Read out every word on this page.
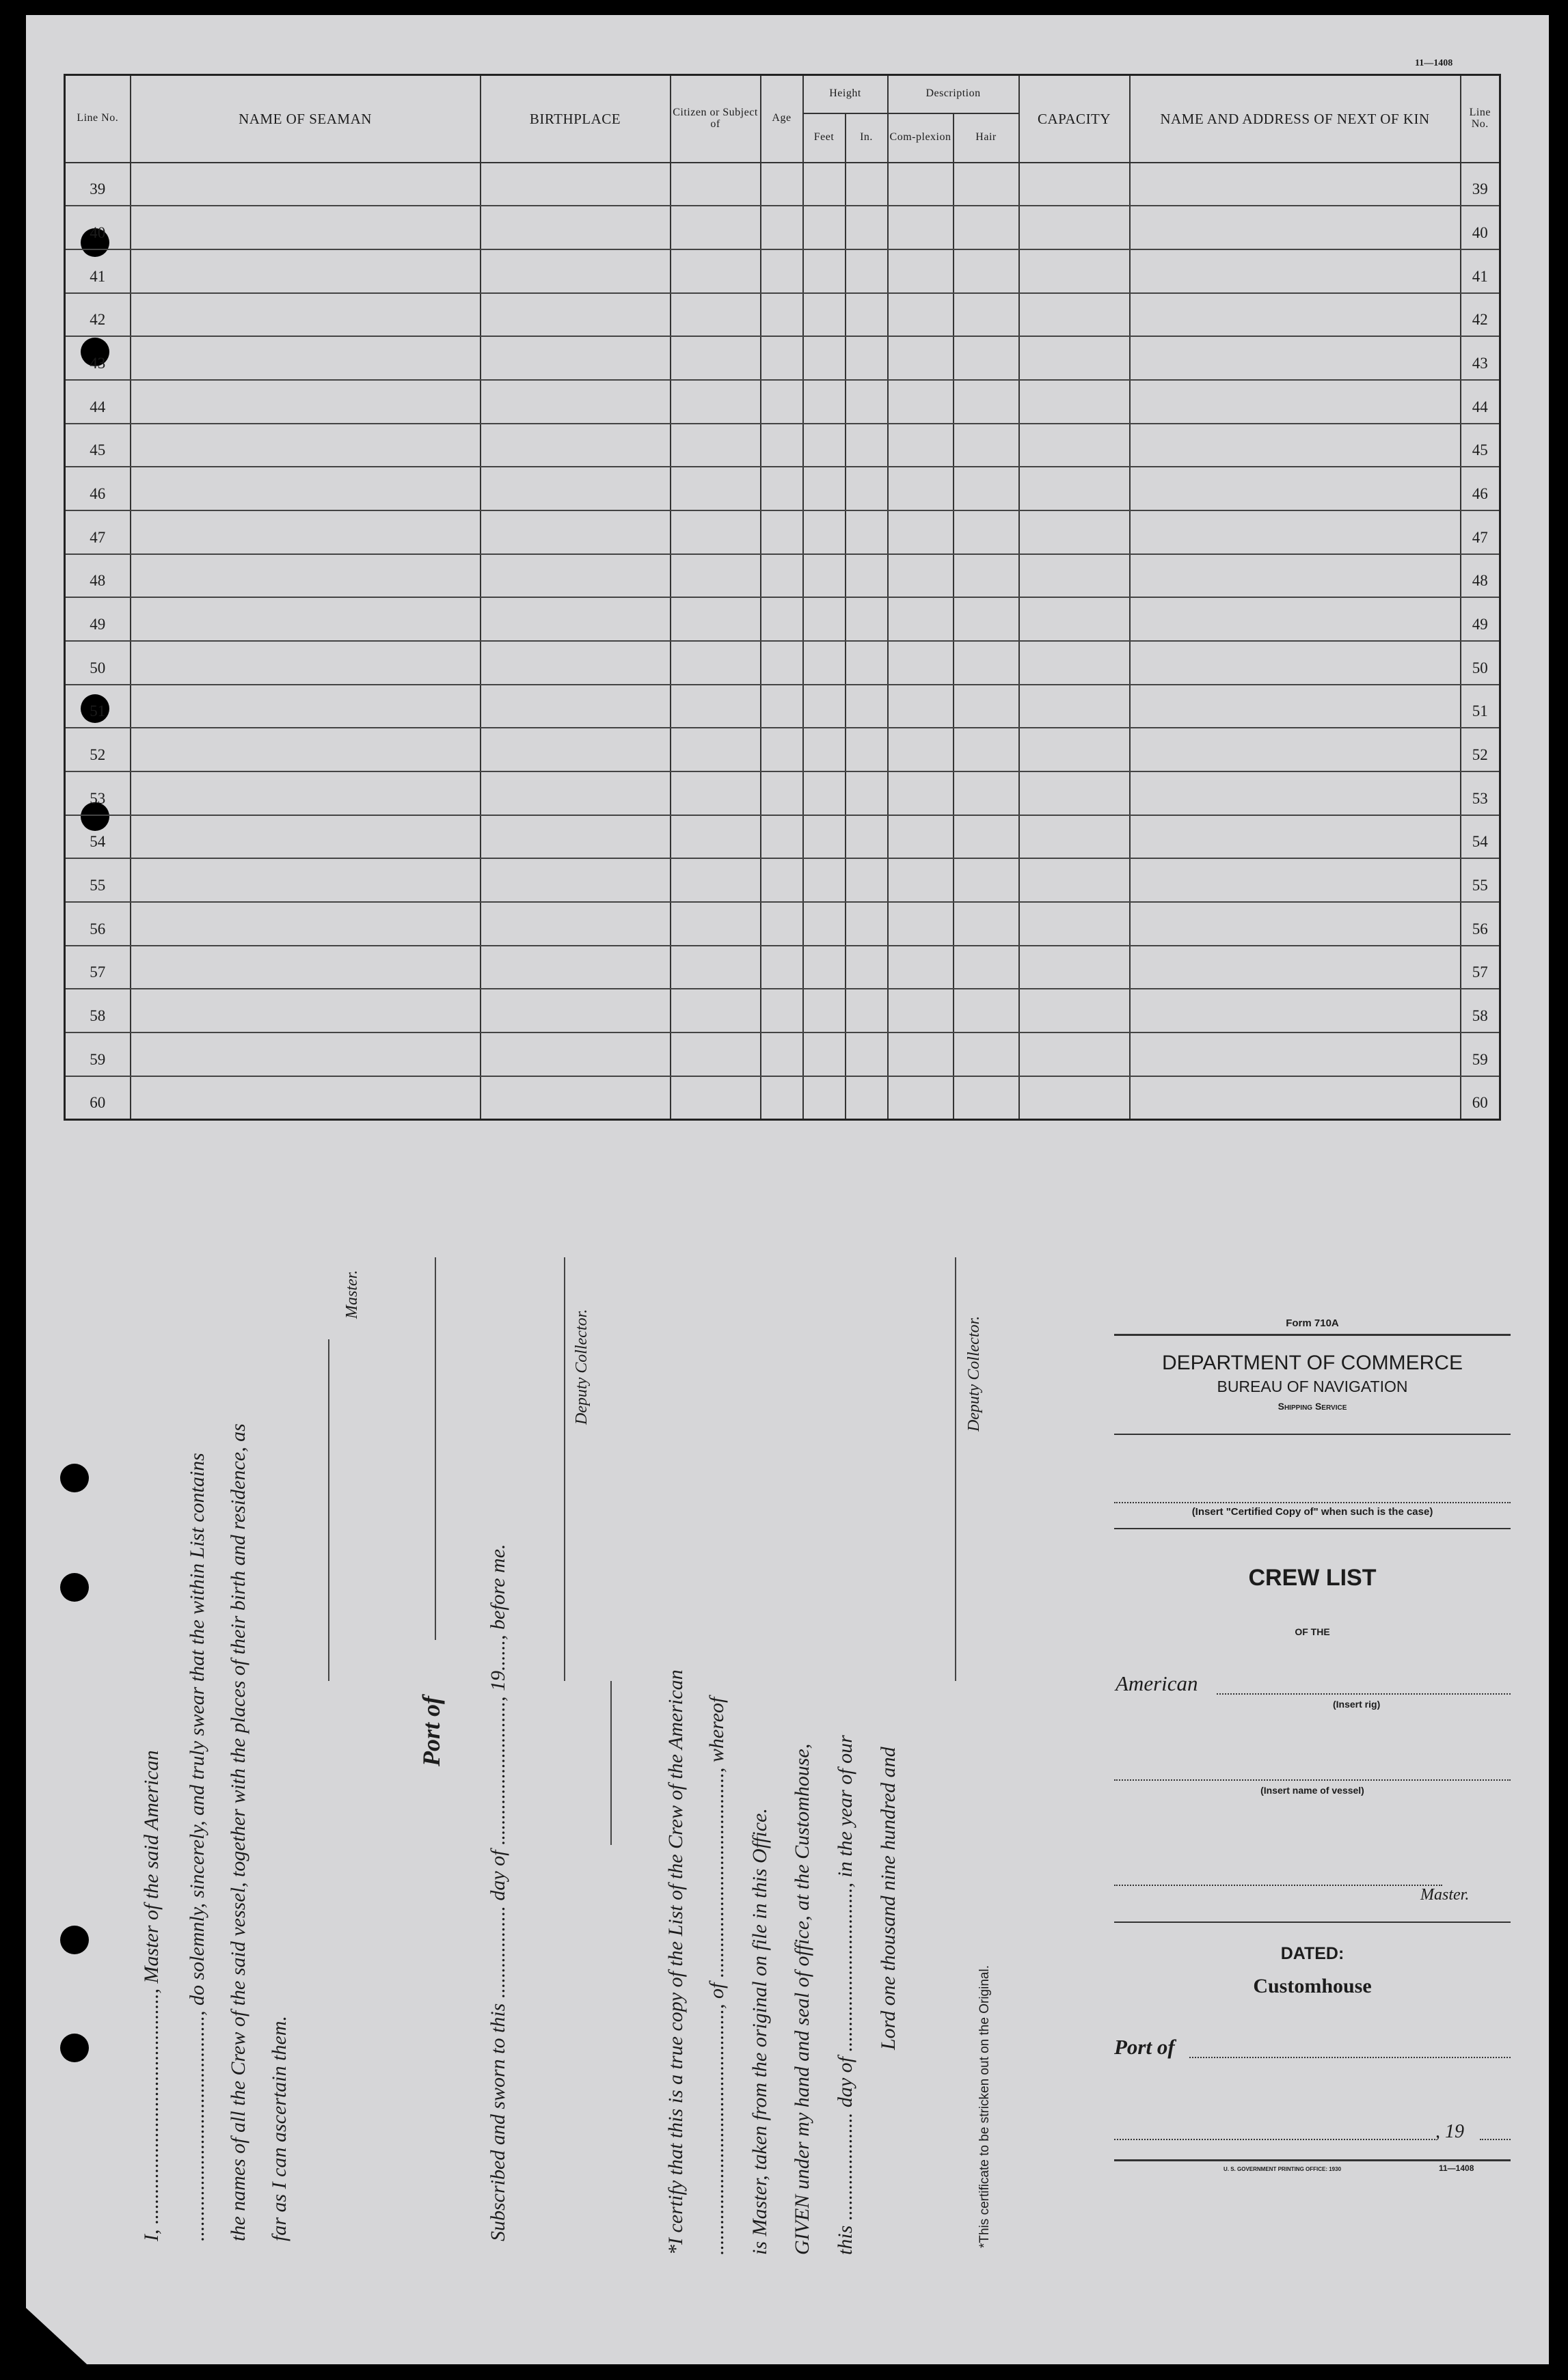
11—1408
Line No.	NAME OF SEAMAN	BIRTHPLACE	Citizen or Subject of	Age	Height		Description		CAPACITY	NAME AND ADDRESS OF NEXT OF KIN	Line No.
					Feet	In.	Com-plexion	Hair			
39											39
40											40
41											41
42											42
43											43
44											44
45											45
46											46
47											47
48											48
49											49
50											50
51											51
52											52
53											53
54											54
55											55
56											56
57											57
58											58
59											59
60											60
I, ............................................., Master of the said American ............................................, do solemnly, sincerely, and truly swear that the within List contains the names of all the Crew of the said vessel, together with the places of their birth and residence, as far as I can ascertain them.
Master.
Port of Subscribed and sworn to this .................. day of ............................, 19......, before me.
Deputy Collector.
*I certify that this is a true copy of the List of the Crew of the American ................................................, of ........................................, whereof is Master, taken from the original on file in this Office. GIVEN under my hand and seal of office, at the Customhouse, this ..................... day of ................................, in the year of our Lord one thousand nine hundred and
Deputy Collector.
*This certificate to be stricken out on the Original.
Form 710A
DEPARTMENT OF COMMERCE
BUREAU OF NAVIGATION
Shipping Service
(Insert "Certified Copy of" when such is the case)
CREW LIST
OF THE
American
(Insert rig)
(Insert name of vessel)
Master.
DATED:
Customhouse
Port of
, 19
U. S. GOVERNMENT PRINTING OFFICE: 1930	11—1408
